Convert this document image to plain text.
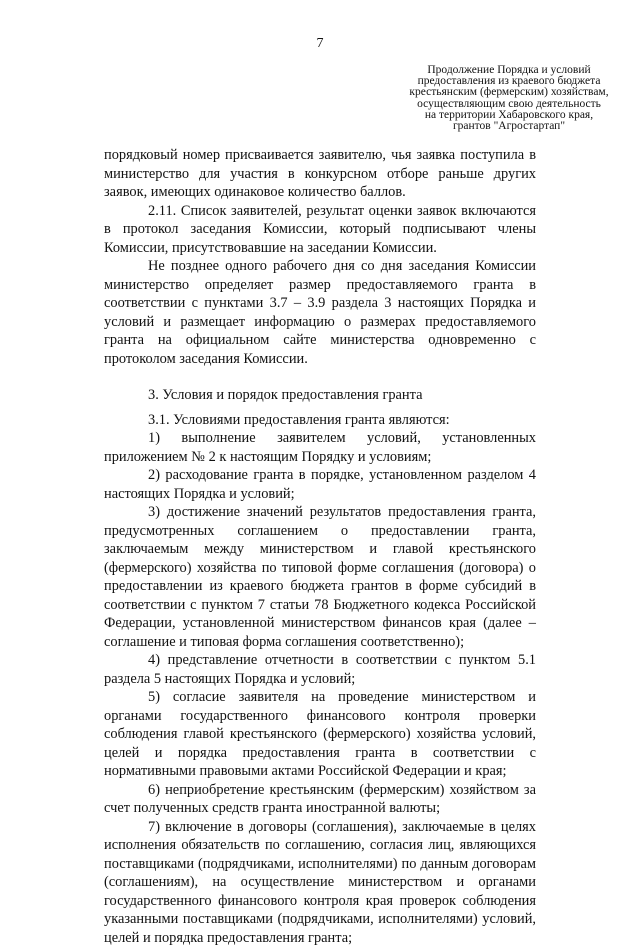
7
Продолжение Порядка и условий
предоставления из краевого бюджета
крестьянским (фермерским) хозяйствам,
осуществляющим свою деятельность
на территории Хабаровского края,
грантов "Агростартап"

порядковый номер присваивается заявителю, чья заявка поступила в министерство для участия в конкурсном отборе раньше других заявок, имеющих одинаковое количество баллов.

2.11. Список заявителей, результат оценки заявок включаются в протокол заседания Комиссии, который подписывают члены Комиссии, присутствовавшие на заседании Комиссии.

Не позднее одного рабочего дня со дня заседания Комиссии министерство определяет размер предоставляемого гранта в соответствии с пунктами 3.7 – 3.9 раздела 3 настоящих Порядка и условий и размещает информацию о размерах предоставляемого гранта на официальном сайте министерства одновременно с протоколом заседания Комиссии.

3. Условия и порядок предоставления гранта

3.1. Условиями предоставления гранта являются:

1) выполнение заявителем условий, установленных приложением № 2 к настоящим Порядку и условиям;

2) расходование гранта в порядке, установленном разделом 4 настоящих Порядка и условий;

3) достижение значений результатов предоставления гранта, предусмотренных соглашением о предоставлении гранта, заключаемым между министерством и главой крестьянского (фермерского) хозяйства по типовой форме соглашения (договора) о предоставлении из краевого бюджета грантов в форме субсидий в соответствии с пунктом 7 статьи 78 Бюджетного кодекса Российской Федерации, установленной министерством финансов края (далее – соглашение и типовая форма соглашения соответственно);

4) представление отчетности в соответствии с пунктом 5.1 раздела 5 настоящих Порядка и условий;

5) согласие заявителя на проведение министерством и органами государственного финансового контроля проверки соблюдения главой крестьянского (фермерского) хозяйства условий, целей и порядка предоставления гранта в соответствии с нормативными правовыми актами Российской Федерации и края;

6) неприобретение крестьянским (фермерским) хозяйством за счет полученных средств гранта иностранной валюты;

7) включение в договоры (соглашения), заключаемые в целях исполнения обязательств по соглашению, согласия лиц, являющихся поставщиками (подрядчиками, исполнителями) по данным договорам (соглашениям), на осуществление министерством и органами государственного финансового контроля края проверок соблюдения указанными поставщиками (подрядчиками, исполнителями) условий, целей и порядка предоставления гранта;
